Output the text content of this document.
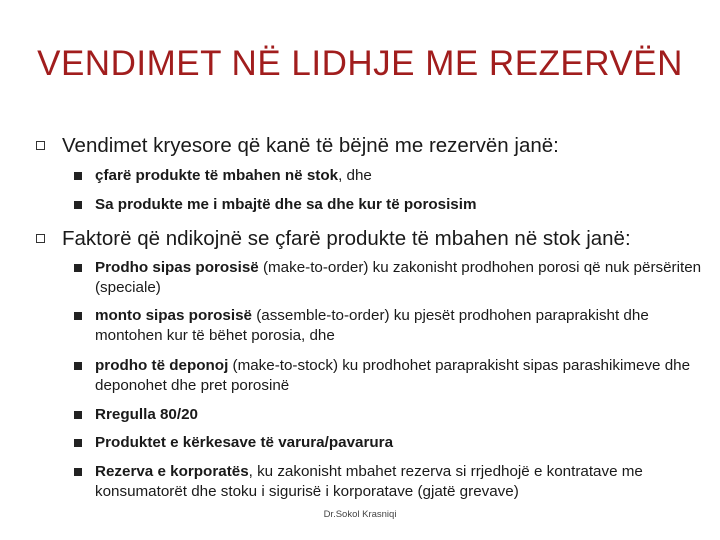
VENDIMET NË LIDHJE ME REZERVËN
Vendimet kryesore që kanë të bëjnë me rezervën janë:
çfarë produkte të mbahen në stok, dhe
Sa produkte me i mbajtë dhe sa dhe kur të porosisim
Faktorë që ndikojnë se çfarë produkte të mbahen në stok janë:
Prodho sipas porosisë (make-to-order) ku zakonisht prodhohen porosi që nuk përsëriten (speciale)
monto sipas porosisë (assemble-to-order) ku pjesët prodhohen paraprakisht dhe montohen kur të bëhet porosia, dhe
prodho të deponoj (make-to-stock) ku prodhohet paraprakisht sipas parashikimeve dhe deponohet dhe pret porosinë
Rregulla 80/20
Produktet e kërkesave të varura/pavarura
Rezerva e korporatës, ku zakonisht mbahet rezerva si rrjedhojë e kontratave me konsumatorët dhe stoku i sigurisë i korporatave (gjatë grevave)
Dr.Sokol Krasniqi
